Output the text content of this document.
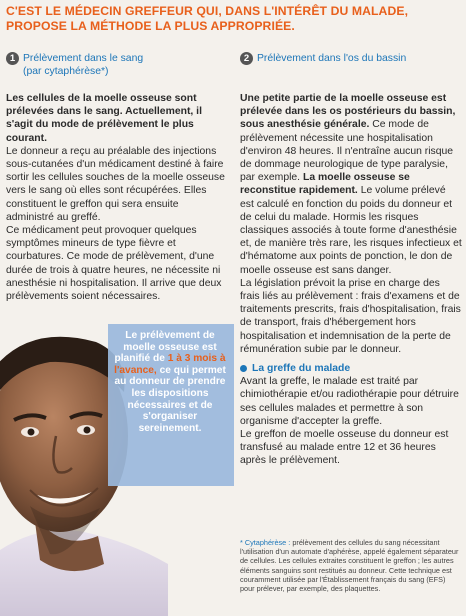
C'EST LE MÉDECIN GREFFEUR QUI, DANS L'INTÉRÊT DU MALADE,
PROPOSE LA MÉTHODE LA PLUS APPROPRIÉE.
1 Prélèvement dans le sang
(par cytaphérèse*)

Les cellules de la moelle osseuse sont prélevées dans le sang. Actuellement, il s'agit du mode de prélèvement le plus courant.

Le donneur a reçu au préalable des injections sous-cutanées d'un médicament destiné à faire sortir les cellules souches de la moelle osseuse vers le sang où elles sont récupérées. Elles constituent le greffon qui sera ensuite administré au greffé.

Ce médicament peut provoquer quelques symptômes mineurs de type fièvre et courbatures. Ce mode de prélèvement, d'une durée de trois à quatre heures, ne nécessite ni anesthésie ni hospitalisation. Il arrive que deux prélèvements soient nécessaires.

Le prélèvement de moelle osseuse est planifié de 1 à 3 mois à l'avance, ce qui permet au donneur de prendre les dispositions nécessaires et de s'organiser sereinement.
2 Prélèvement dans l'os du bassin

Une petite partie de la moelle osseuse est prélevée dans les os postérieurs du bassin, sous anesthésie générale. Ce mode de prélèvement nécessite une hospitalisation d'environ 48 heures. Il n'entraîne aucun risque de dommage neurologique de type paralysie, par exemple. La moelle osseuse se reconstitue rapidement. Le volume prélevé est calculé en fonction du poids du donneur et de celui du malade. Hormis les risques classiques associés à toute forme d'anesthésie et, de manière très rare, les risques infectieux et d'hématome aux points de ponction, le don de moelle osseuse est sans danger.

La législation prévoit la prise en charge des frais liés au prélèvement : frais d'examens et de traitements prescrits, frais d'hospitalisation, frais de transport, frais d'hébergement hors hospitalisation et indemnisation de la perte de rémunération subie par le donneur.

La greffe du malade

Avant la greffe, le malade est traité par chimiothérapie et/ou radiothérapie pour détruire ses cellules malades et permettre à son organisme d'accepter la greffe.

Le greffon de moelle osseuse du donneur est transfusé au malade entre 12 et 36 heures après le prélèvement.

* Cytaphérèse : prélèvement des cellules du sang nécessitant l'utilisation d'un automate d'aphérèse, appelé également séparateur de cellules. Les cellules extraites constituent le greffon ; les autres éléments sanguins sont restitués au donneur. Cette technique est couramment utilisée par l'Établissement français du sang (EFS) pour prélever, par exemple, des plaquettes.
